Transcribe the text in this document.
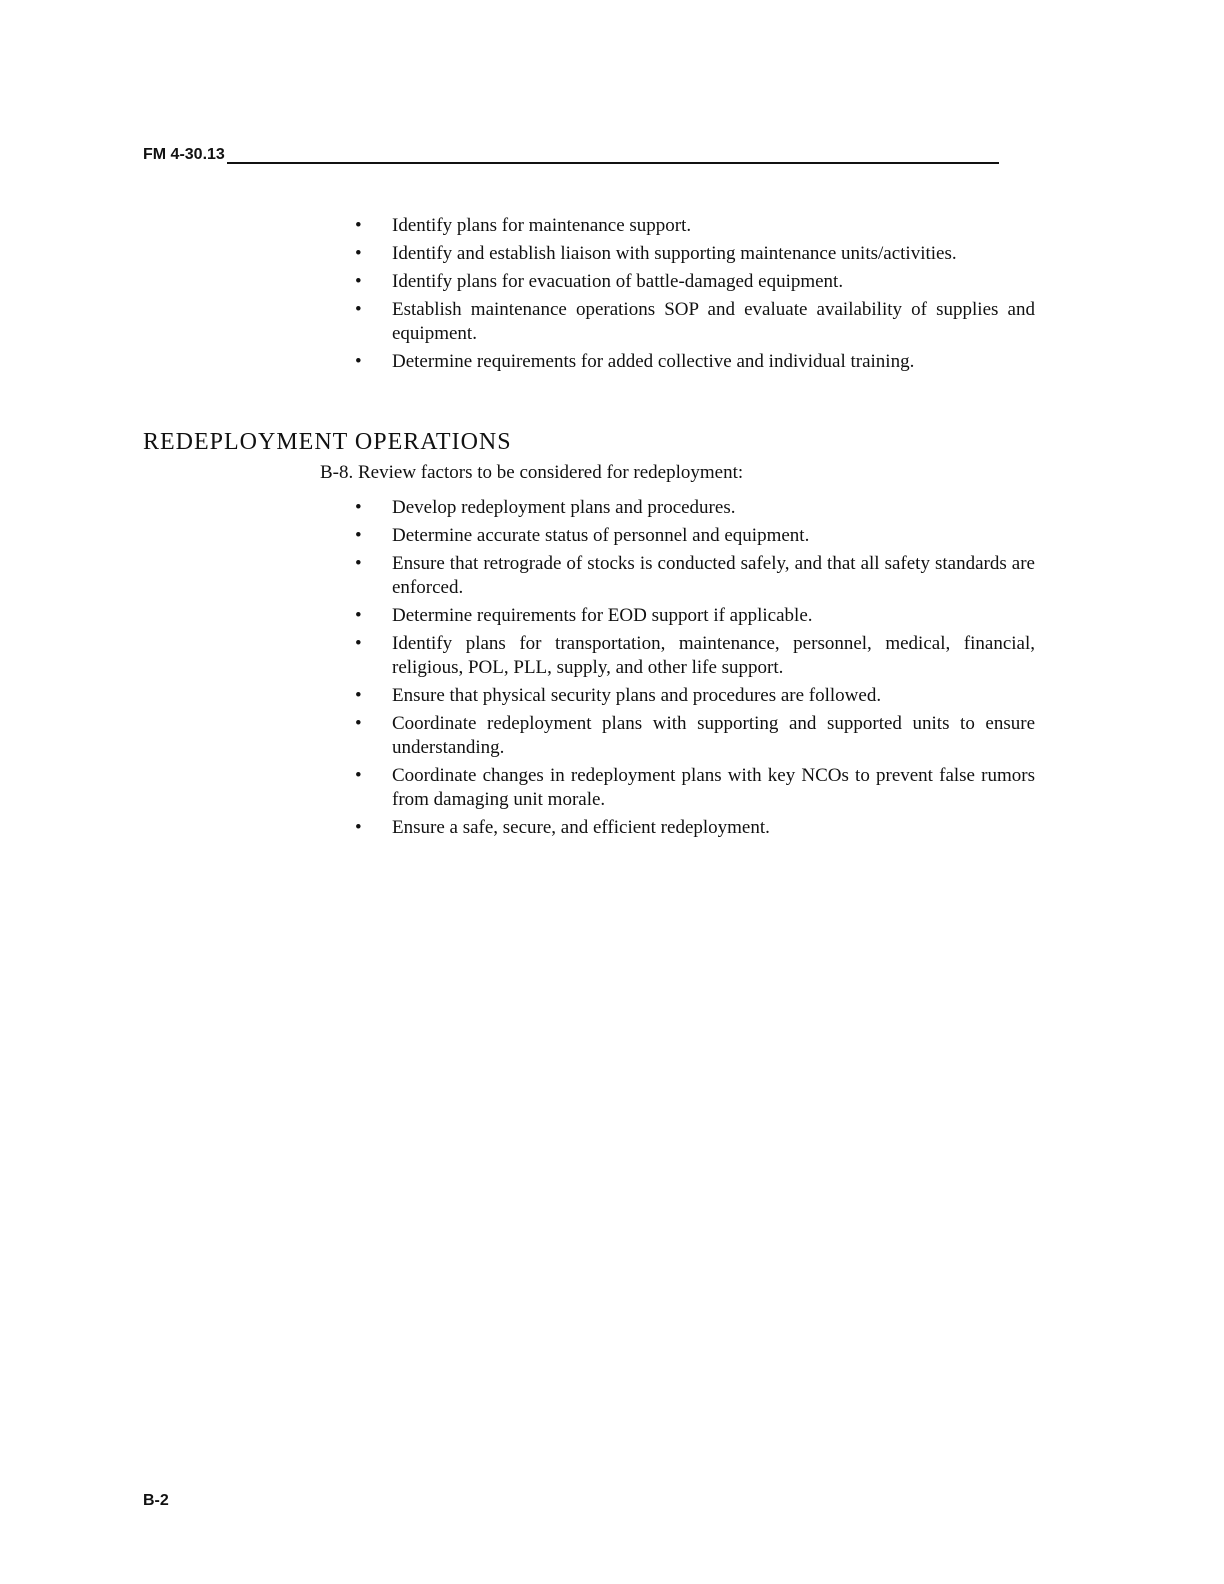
FM 4-30.13
• Identify plans for maintenance support.
• Identify and establish liaison with supporting maintenance units/activities.
• Identify plans for evacuation of battle-damaged equipment.
• Establish maintenance operations SOP and evaluate availability of supplies and equipment.
• Determine requirements for added collective and individual training.
REDEPLOYMENT OPERATIONS

B-8. Review factors to be considered for redeployment:

• Develop redeployment plans and procedures.
• Determine accurate status of personnel and equipment.
• Ensure that retrograde of stocks is conducted safely, and that all safety standards are enforced.
• Determine requirements for EOD support if applicable.
• Identify plans for transportation, maintenance, personnel, medical, financial, religious, POL, PLL, supply, and other life support.
• Ensure that physical security plans and procedures are followed.
• Coordinate redeployment plans with supporting and supported units to ensure understanding.
• Coordinate changes in redeployment plans with key NCOs to prevent false rumors from damaging unit morale.
• Ensure a safe, secure, and efficient redeployment.
B-2
